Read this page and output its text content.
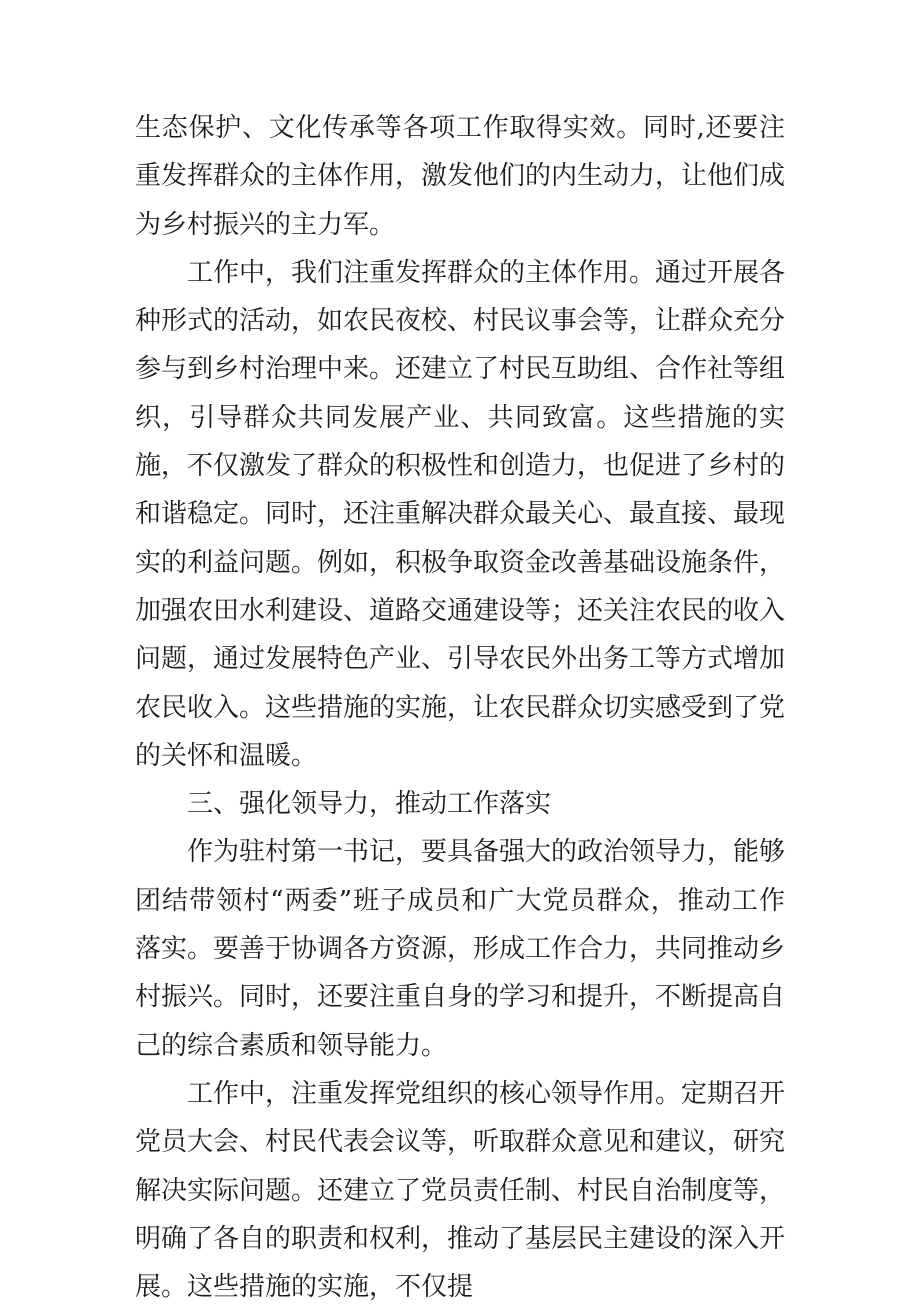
生态保护、文化传承等各项工作取得实效。同时,还要注重发挥群众的主体作用，激发他们的内生动力，让他们成为乡村振兴的主力军。

工作中，我们注重发挥群众的主体作用。通过开展各种形式的活动，如农民夜校、村民议事会等，让群众充分参与到乡村治理中来。还建立了村民互助组、合作社等组织，引导群众共同发展产业、共同致富。这些措施的实施，不仅激发了群众的积极性和创造力，也促进了乡村的和谐稳定。同时，还注重解决群众最关心、最直接、最现实的利益问题。例如，积极争取资金改善基础设施条件，加强农田水利建设、道路交通建设等；还关注农民的收入问题，通过发展特色产业、引导农民外出务工等方式增加农民收入。这些措施的实施，让农民群众切实感受到了党的关怀和温暖。

三、强化领导力，推动工作落实

作为驻村第一书记，要具备强大的政治领导力，能够团结带领村“两委”班子成员和广大党员群众，推动工作落实。要善于协调各方资源，形成工作合力，共同推动乡村振兴。同时，还要注重自身的学习和提升，不断提高自己的综合素质和领导能力。

工作中，注重发挥党组织的核心领导作用。定期召开党员大会、村民代表会议等，听取群众意见和建议，研究解决实际问题。还建立了党员责任制、村民自治制度等，明确了各自的职责和权利，推动了基层民主建设的深入开展。这些措施的实施，不仅提
